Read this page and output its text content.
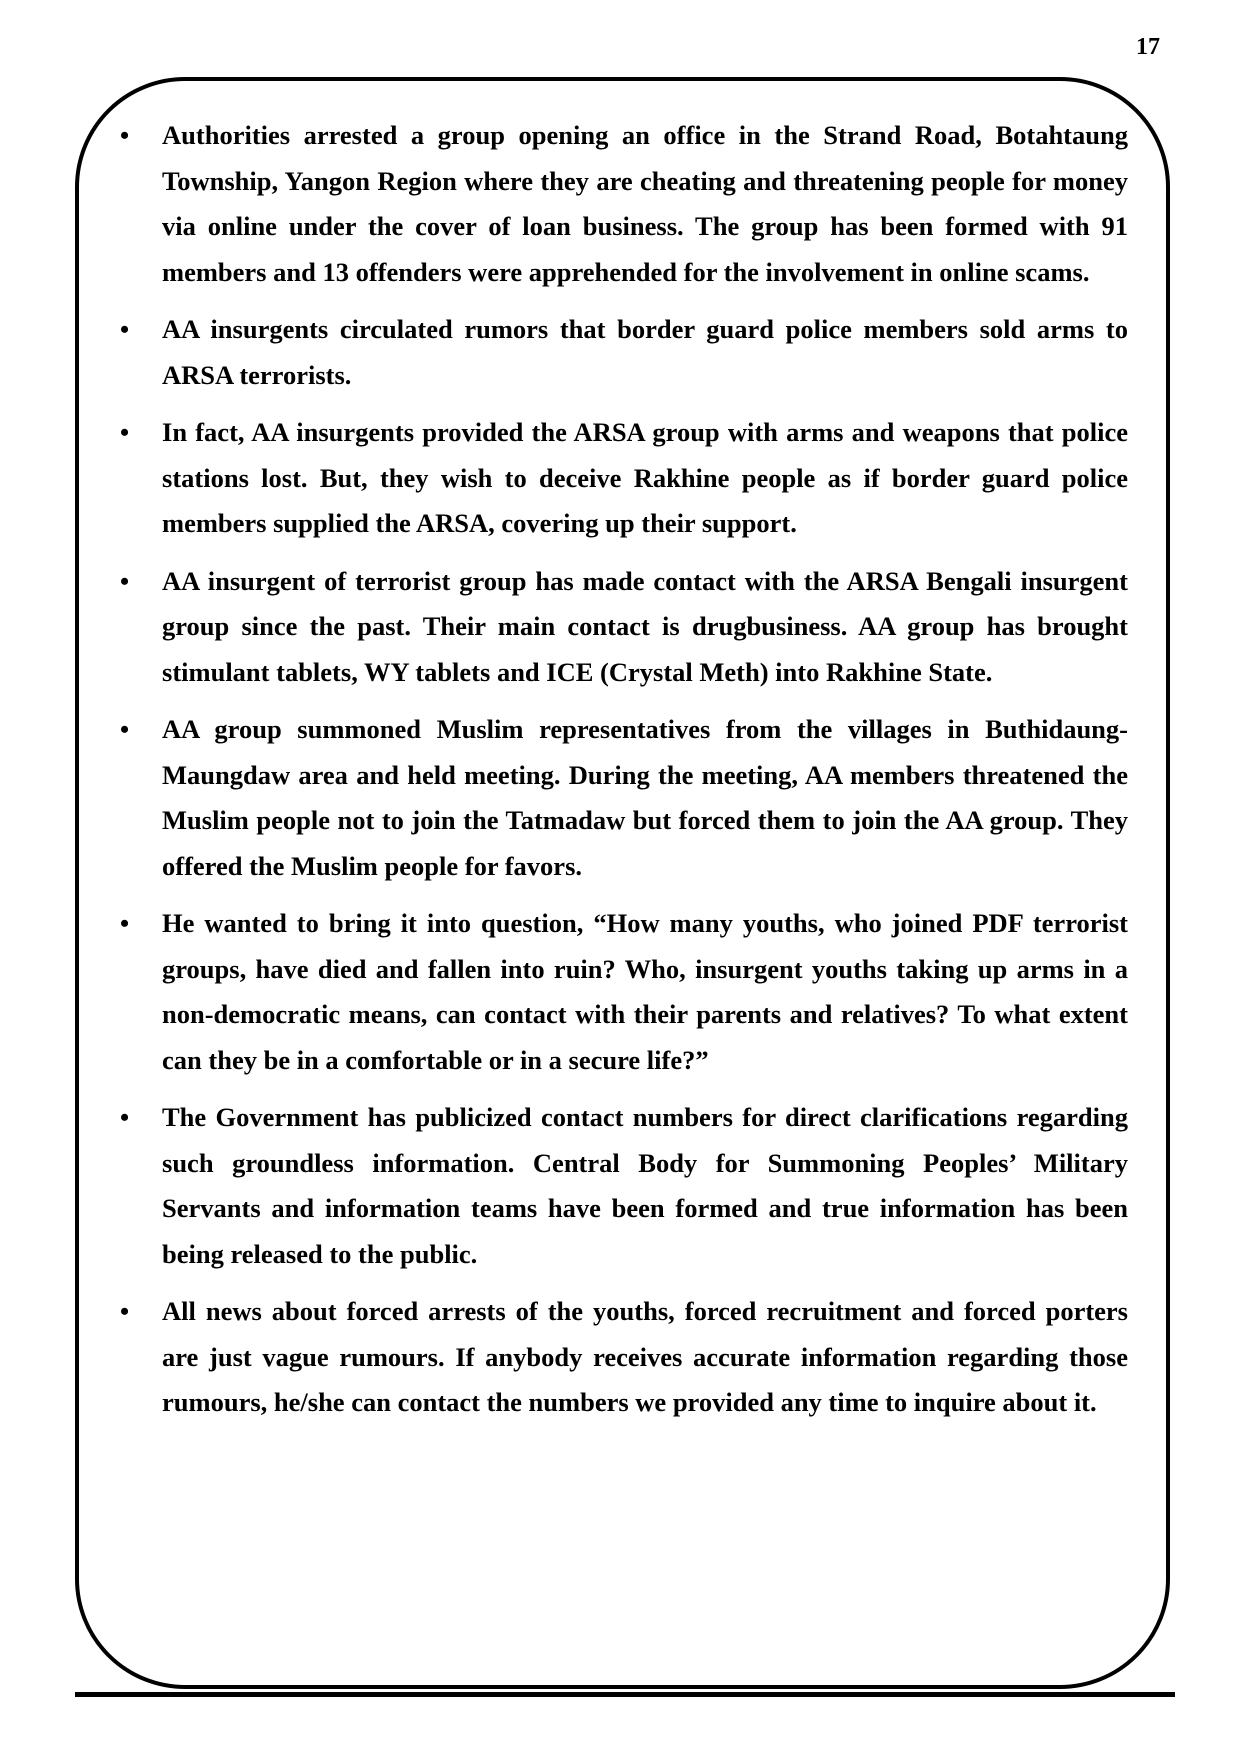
17
• Authorities arrested a group opening an office in the Strand Road, Botahtaung Township, Yangon Region where they are cheating and threatening people for money via online under the cover of loan business. The group has been formed with 91 members and 13 offenders were apprehended for the involvement in online scams.
• AA insurgents circulated rumors that border guard police members sold arms to ARSA terrorists.
• In fact, AA insurgents provided the ARSA group with arms and weapons that police stations lost. But, they wish to deceive Rakhine people as if border guard police members supplied the ARSA, covering up their support.
• AA insurgent of terrorist group has made contact with the ARSA Bengali insurgent group since the past. Their main contact is drugbusiness. AA group has brought stimulant tablets, WY tablets and ICE (Crystal Meth) into Rakhine State.
• AA group summoned Muslim representatives from the villages in Buthidaung-Maungdaw area and held meeting. During the meeting, AA members threatened the Muslim people not to join the Tatmadaw but forced them to join the AA group. They offered the Muslim people for favors.
• He wanted to bring it into question, “How many youths, who joined PDF terrorist groups, have died and fallen into ruin? Who, insurgent youths taking up arms in a non-democratic means, can contact with their parents and relatives? To what extent can they be in a comfortable or in a secure life?”
• The Government has publicized contact numbers for direct clarifications regarding such groundless information. Central Body for Summoning Peoples’ Military Servants and information teams have been formed and true information has been being released to the public.
• All news about forced arrests of the youths, forced recruitment and forced porters are just vague rumours. If anybody receives accurate information regarding those rumours, he/she can contact the numbers we provided any time to inquire about it.
